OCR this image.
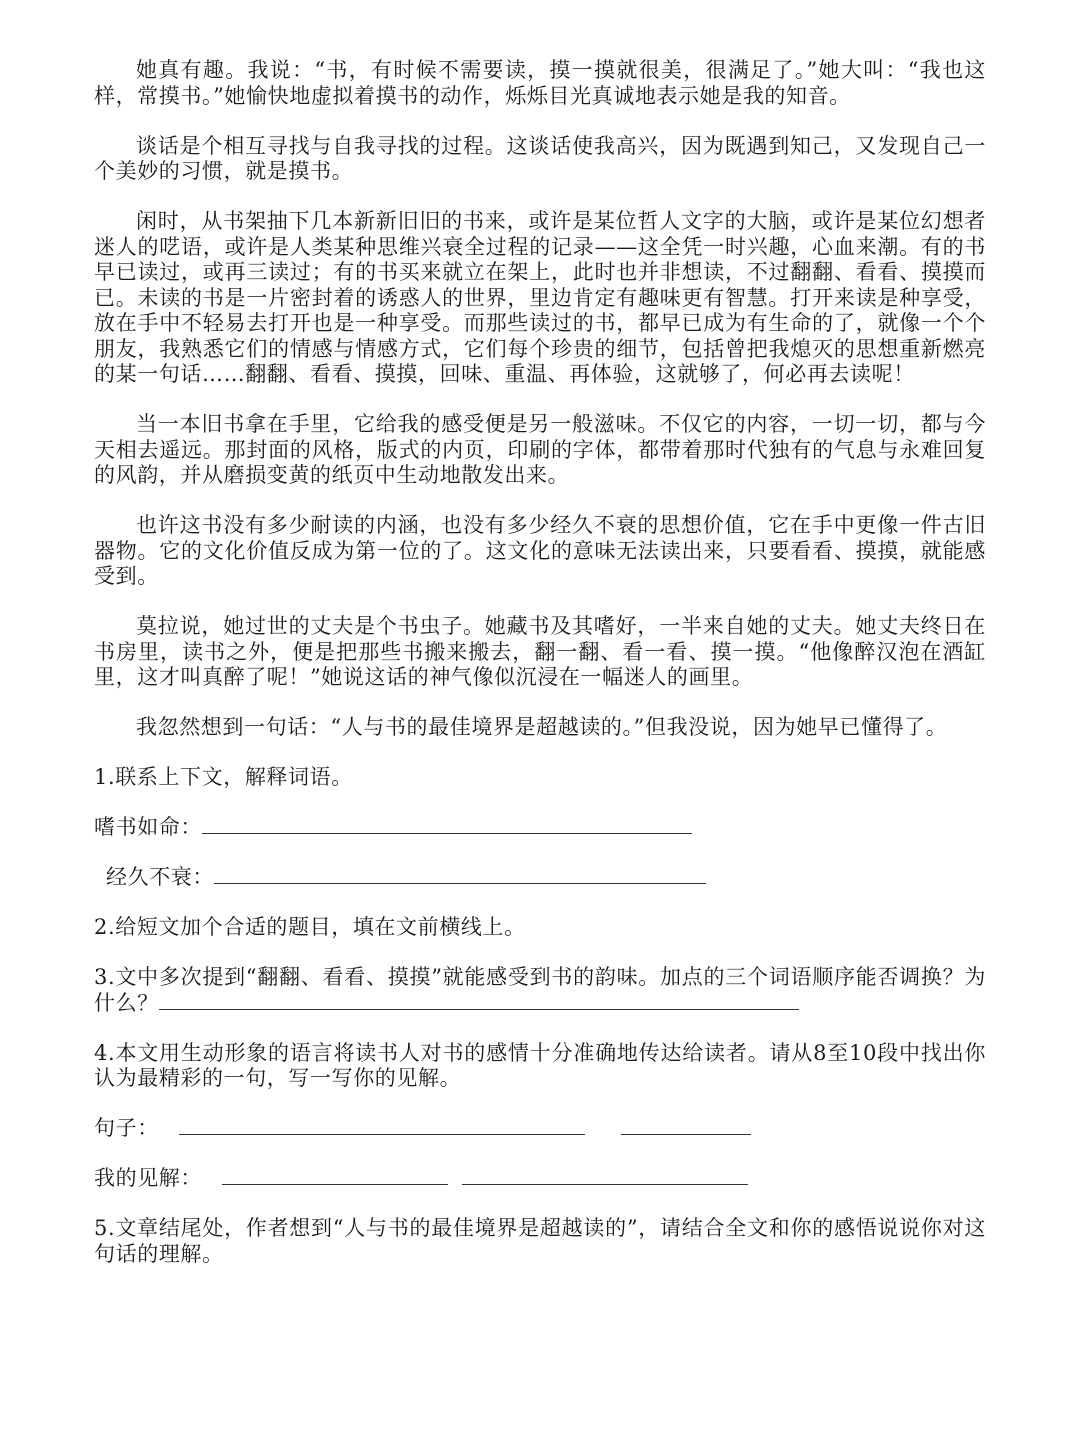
她真有趣。我说：“书，有时候不需要读，摸一摸就很美，很满足了。”她大叫：“我也这样，常摸书。”她愉快地虚拟着摸书的动作，烁烁目光真诚地表示她是我的知音。

谈话是个相互寻找与自我寻找的过程。这谈话使我高兴，因为既遇到知己，又发现自己一个美妙的习惯，就是摸书。

闲时，从书架抽下几本新新旧旧的书来，或许是某位哲人文字的大脑，或许是某位幻想者迷人的呓语，或许是人类某种思维兴衰全过程的记录——这全凭一时兴趣，心血来潮。有的书早已读过，或再三读过；有的书买来就立在架上，此时也并非想读，不过翻翻、看看、摸摸而已。未读的书是一片密封着的诱惑人的世界，里边肯定有趣味更有智慧。打开来读是种享受，放在手中不轻易去打开也是一种享受。而那些读过的书，都早已成为有生命的了，就像一个个朋友，我熟悉它们的情感与情感方式，它们每个珍贵的细节，包括曾把我熄灭的思想重新燃亮的某一句话……翻翻、看看、摸摸，回味、重温、再体验，这就够了，何必再去读呢！

当一本旧书拿在手里，它给我的感受便是另一般滋味。不仅它的内容，一切一切，都与今天相去遥远。那封面的风格，版式的内页，印刷的字体，都带着那时代独有的气息与永难回复的风韵，并从磨损变黄的纸页中生动地散发出来。

也许这书没有多少耐读的内涵，也没有多少经久不衰的思想价值，它在手中更像一件古旧器物。它的文化价值反成为第一位的了。这文化的意味无法读出来，只要看看、摸摸，就能感受到。

莫拉说，她过世的丈夫是个书虫子。她藏书及其嗜好，一半来自她的丈夫。她丈夫终日在书房里，读书之外，便是把那些书搬来搬去，翻一翻、看一看、摸一摸。“他像醉汉泡在酒缸里，这才叫真醉了呢！”她说这话的神气像似沉浸在一幅迷人的画里。

我忽然想到一句话：“人与书的最佳境界是超越读的。”但我没说，因为她早已懂得了。

1.联系上下文，解释词语。

嗜书如命：
经久不衰：

2.给短文加个合适的题目，填在文前横线上。

3.文中多次提到“翻翻、看看、摸摸”就能感受到书的韵味。加点的三个词语顺序能否调换？为什么？

4.本文用生动形象的语言将读书人对书的感情十分准确地传达给读者。请从8至10段中找出你认为最精彩的一句，写一写你的见解。

句子：
我的见解：

5.文章结尾处，作者想到“人与书的最佳境界是超越读的”，请结合全文和你的感悟说说你对这句话的理解。
